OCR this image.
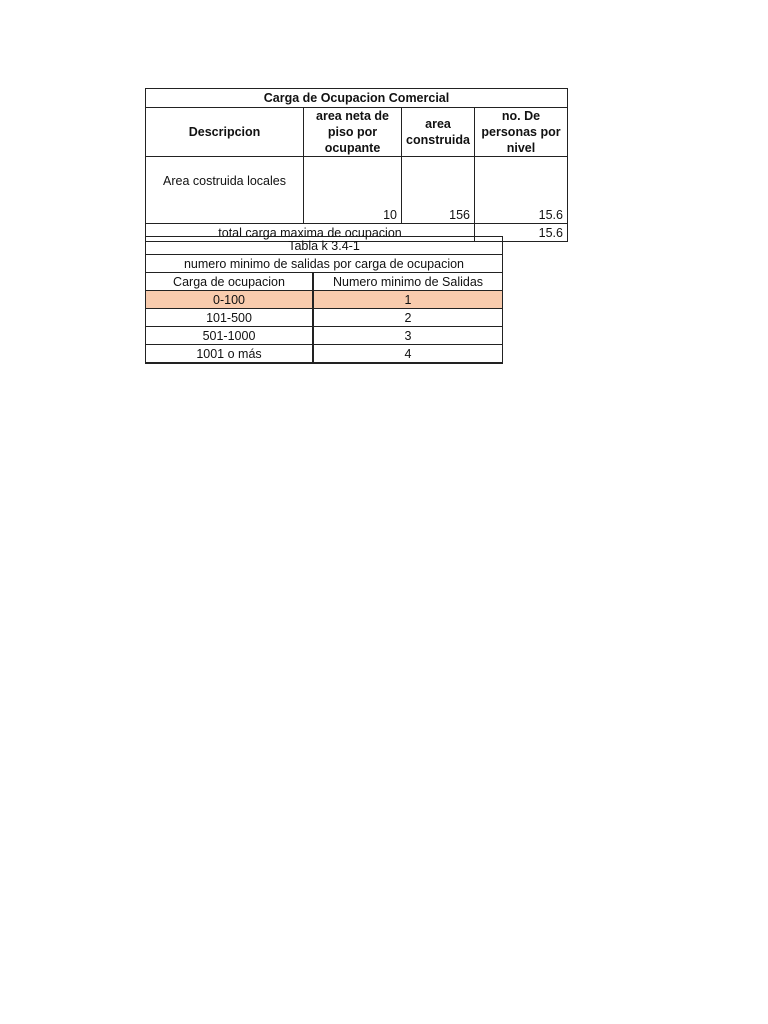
Carga de Ocupacion Comercial			
Descripcion	area neta de piso por ocupante	area construida	no. De personas por nivel
Area costruida locales	10	156	15.6
total carga maxima de ocupacion			15.6
Tabla k 3.4-1	
numero minimo de salidas por carga de ocupacion	
Carga de ocupacion	Numero minimo de Salidas
0-100	1
101-500	2
501-1000	3
1001 o más	4
